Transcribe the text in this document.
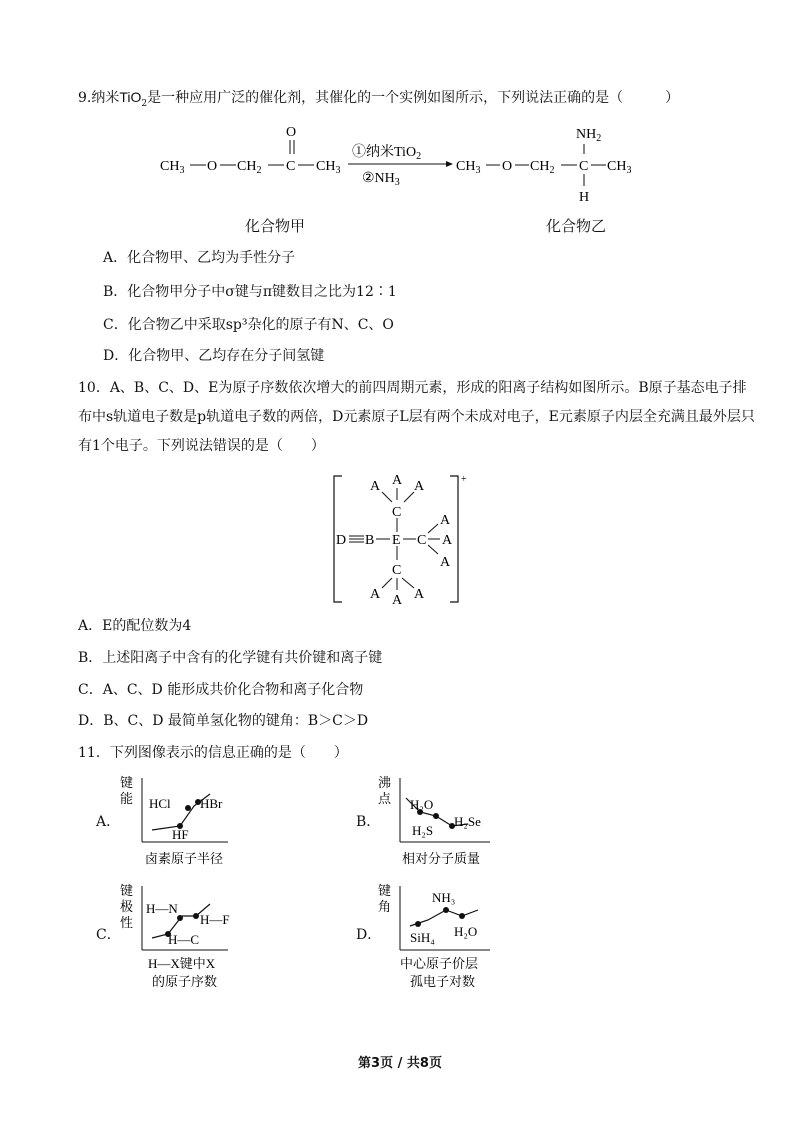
9.纳米TiO$_2$是一种应用广泛的催化剂，其催化的一个实例如图所示，下列说法正确的是（　　　）
$CH_3$ O $CH_2$ C
O
$CH_3$
①纳米TiO$_2$
$②NH_3$
$CH_3$ O $CH_2$ C
$NH_2$
H
$CH_3$
化合物甲	化合物乙
A．化合物甲、乙均为手性分子
B．化合物甲分子中σ键与π键数目之比为12∶1
C．化合物乙中采取sp³杂化的原子有N、C、O
D．化合物甲、乙均存在分子间氢键
10．A、B、C、D、E为原子序数依次增大的前四周期元素，形成的阳离子结构如图所示。B原子基态电子排布中s轨道电子数是p轨道电子数的两倍，D元素原子L层有两个未成对电子，E元素原子内层全充满且最外层只有1个电子。下列说法错误的是（　　）
+
A A A
C
D B E C
A
A
A
C
A A A
A．E的配位数为4
B．上述阳离子中含有的化学键有共价键和离子键
C．A、C、D 能形成共价化合物和离子化合物
D．B、C、D 最简单氢化物的键角：B＞C＞D
11．下列图像表示的信息正确的是（　　）
A．
键
能 HCl HBr
HF
卤素原子半径
B．
沸
点 H₂O
H₂S
H₂Se
相对分子质量
C．
键
极
性
H—N
H—F
H—C
H—X键中X
的原子序数
D．
键
角
NH₃
SiH₄ H₂O
中心原子价层
孤电子对数
第3页 / 共8页
